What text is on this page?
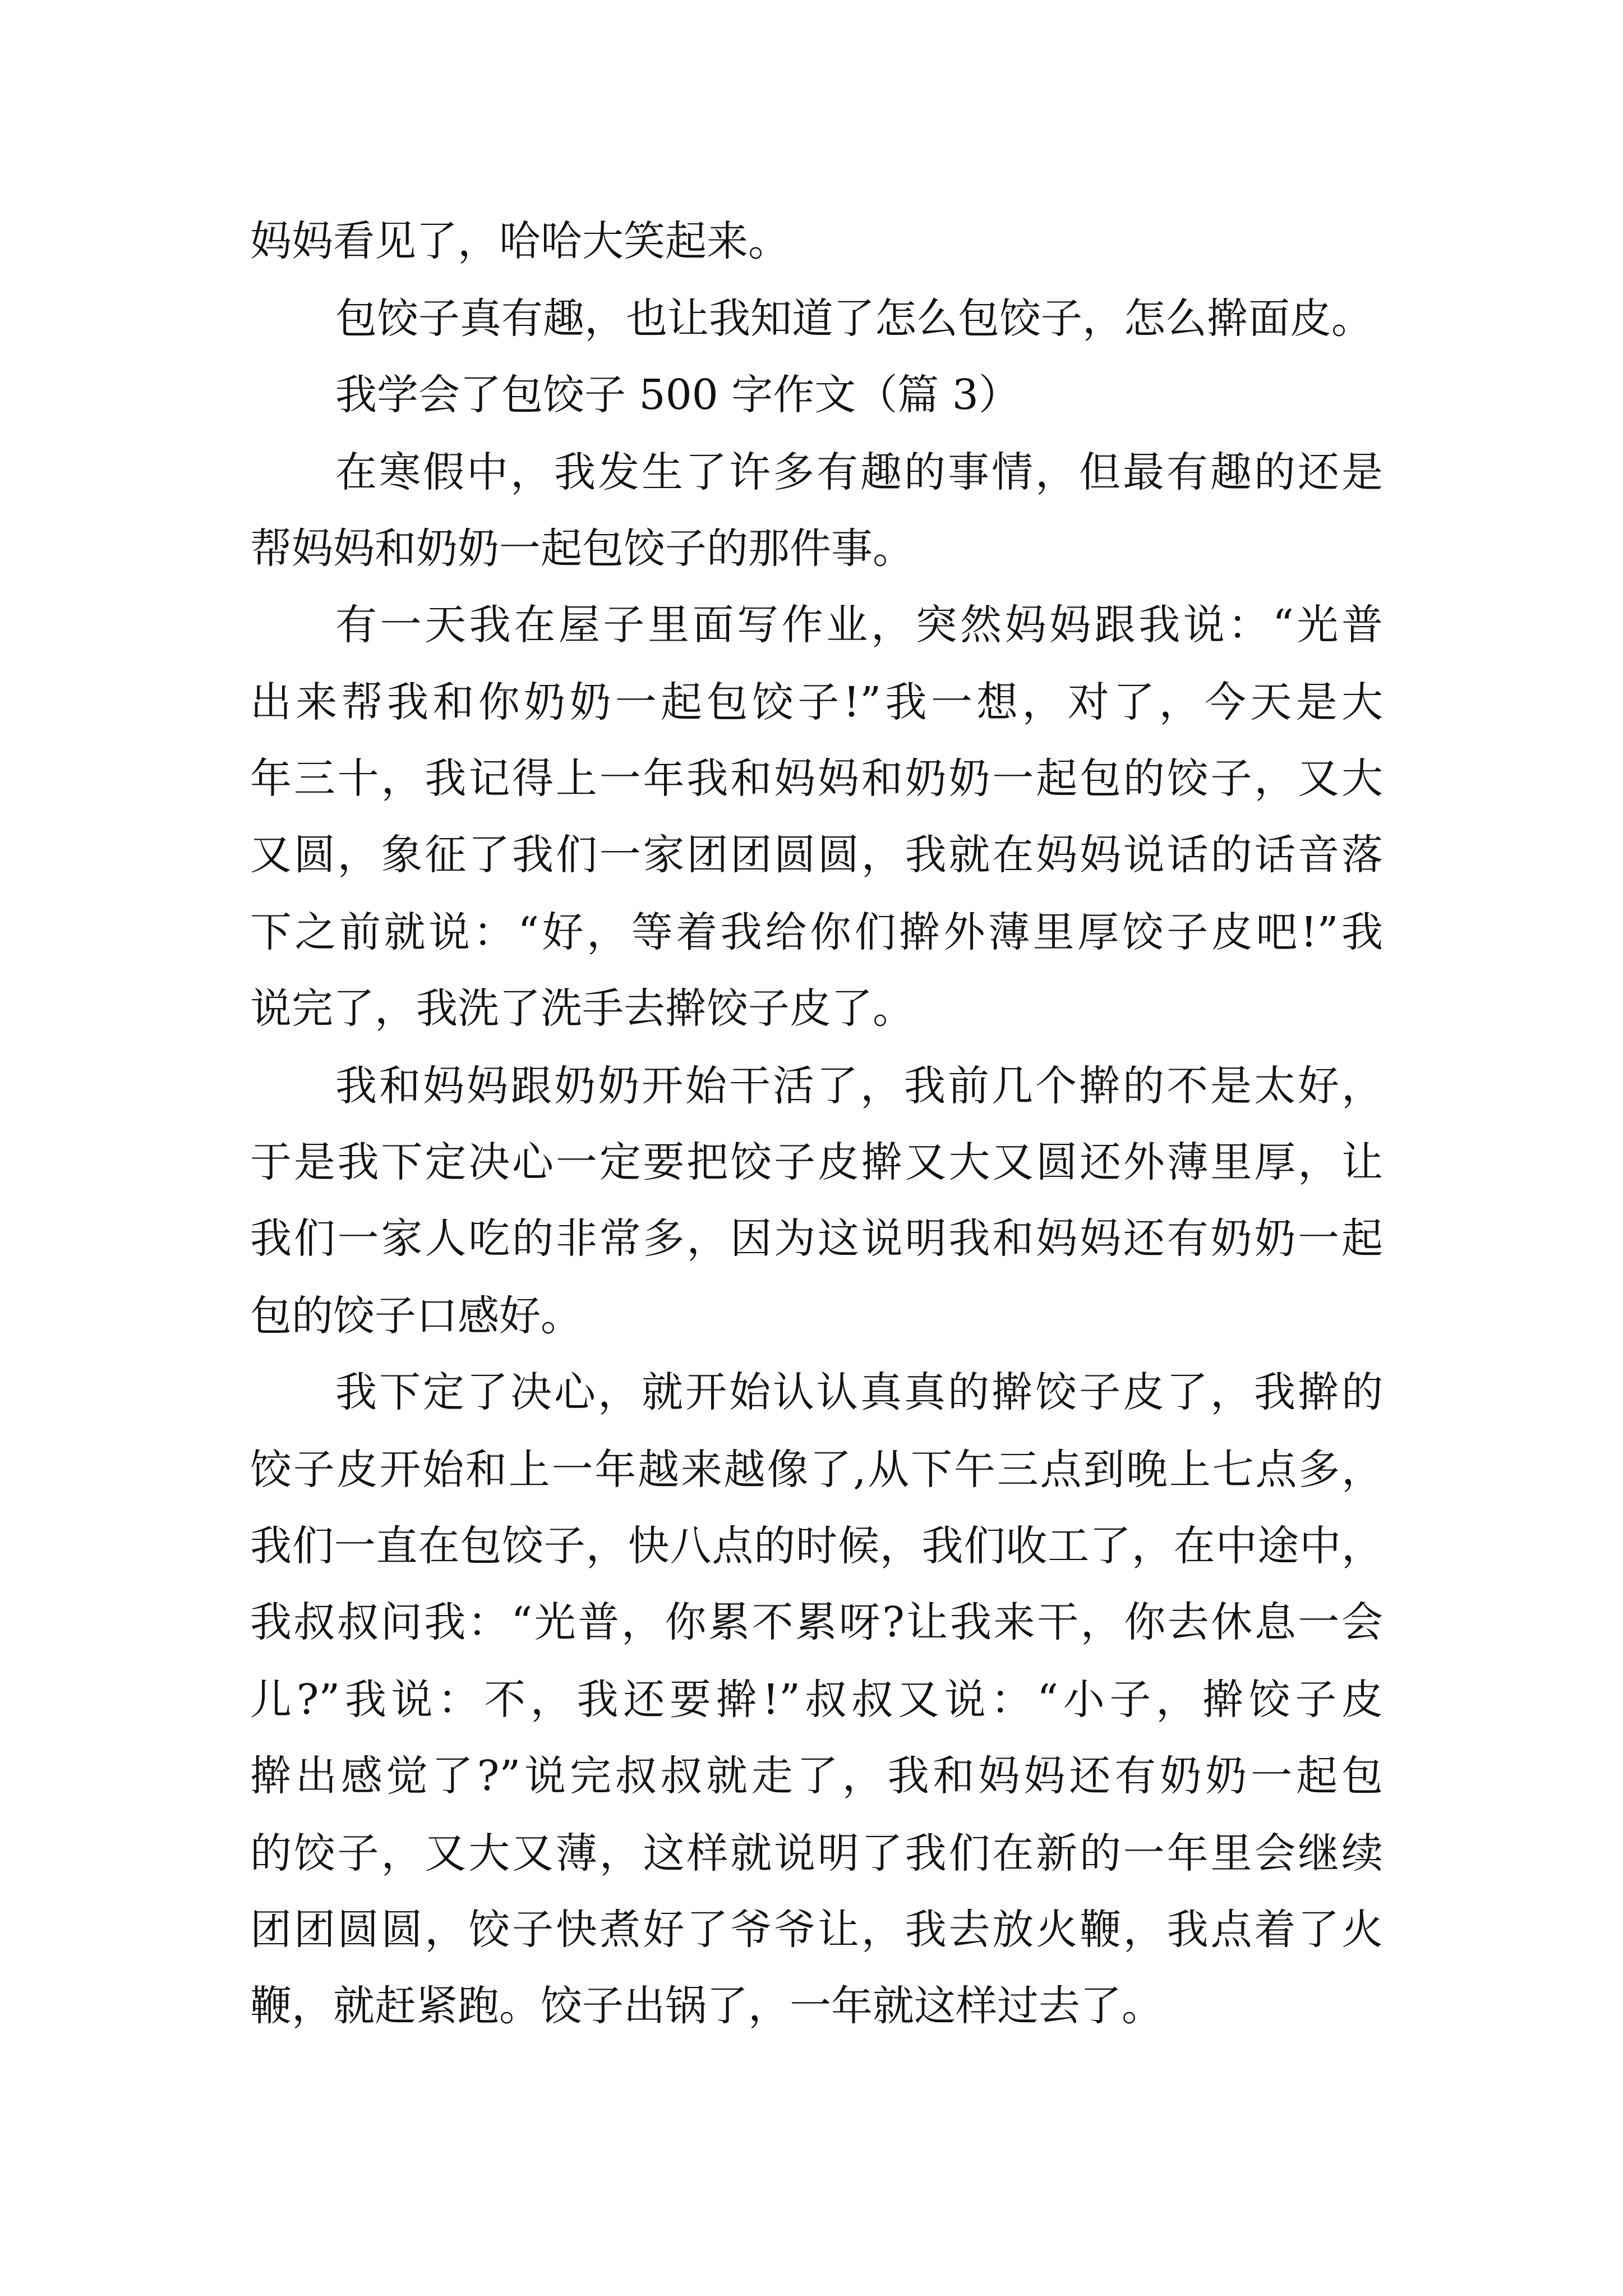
妈妈看见了，哈哈大笑起来。

包饺子真有趣，也让我知道了怎么包饺子，怎么擀面皮。

我学会了包饺子 500 字作文（篇 3）

在寒假中，我发生了许多有趣的事情，但最有趣的还是

帮妈妈和奶奶一起包饺子的那件事。

有一天我在屋子里面写作业，突然妈妈跟我说：“光普

出来帮我和你奶奶一起包饺子!”我一想，对了，今天是大

年三十，我记得上一年我和妈妈和奶奶一起包的饺子，又大

又圆，象征了我们一家团团圆圆，我就在妈妈说话的话音落

下之前就说：“好，等着我给你们擀外薄里厚饺子皮吧!”我

说完了，我洗了洗手去擀饺子皮了。

我和妈妈跟奶奶开始干活了，我前几个擀的不是太好，

于是我下定决心一定要把饺子皮擀又大又圆还外薄里厚，让

我们一家人吃的非常多，因为这说明我和妈妈还有奶奶一起

包的饺子口感好。

我下定了决心，就开始认认真真的擀饺子皮了，我擀的

饺子皮开始和上一年越来越像了,从下午三点到晚上七点多，

我们一直在包饺子，快八点的时候，我们收工了，在中途中，

我叔叔问我：“光普，你累不累呀?让我来干，你去休息一会

儿?”我说：不，我还要擀!”叔叔又说：“小子，擀饺子皮

擀出感觉了?”说完叔叔就走了，我和妈妈还有奶奶一起包

的饺子，又大又薄，这样就说明了我们在新的一年里会继续

团团圆圆，饺子快煮好了爷爷让，我去放火鞭，我点着了火

鞭，就赶紧跑。饺子出锅了，一年就这样过去了。
